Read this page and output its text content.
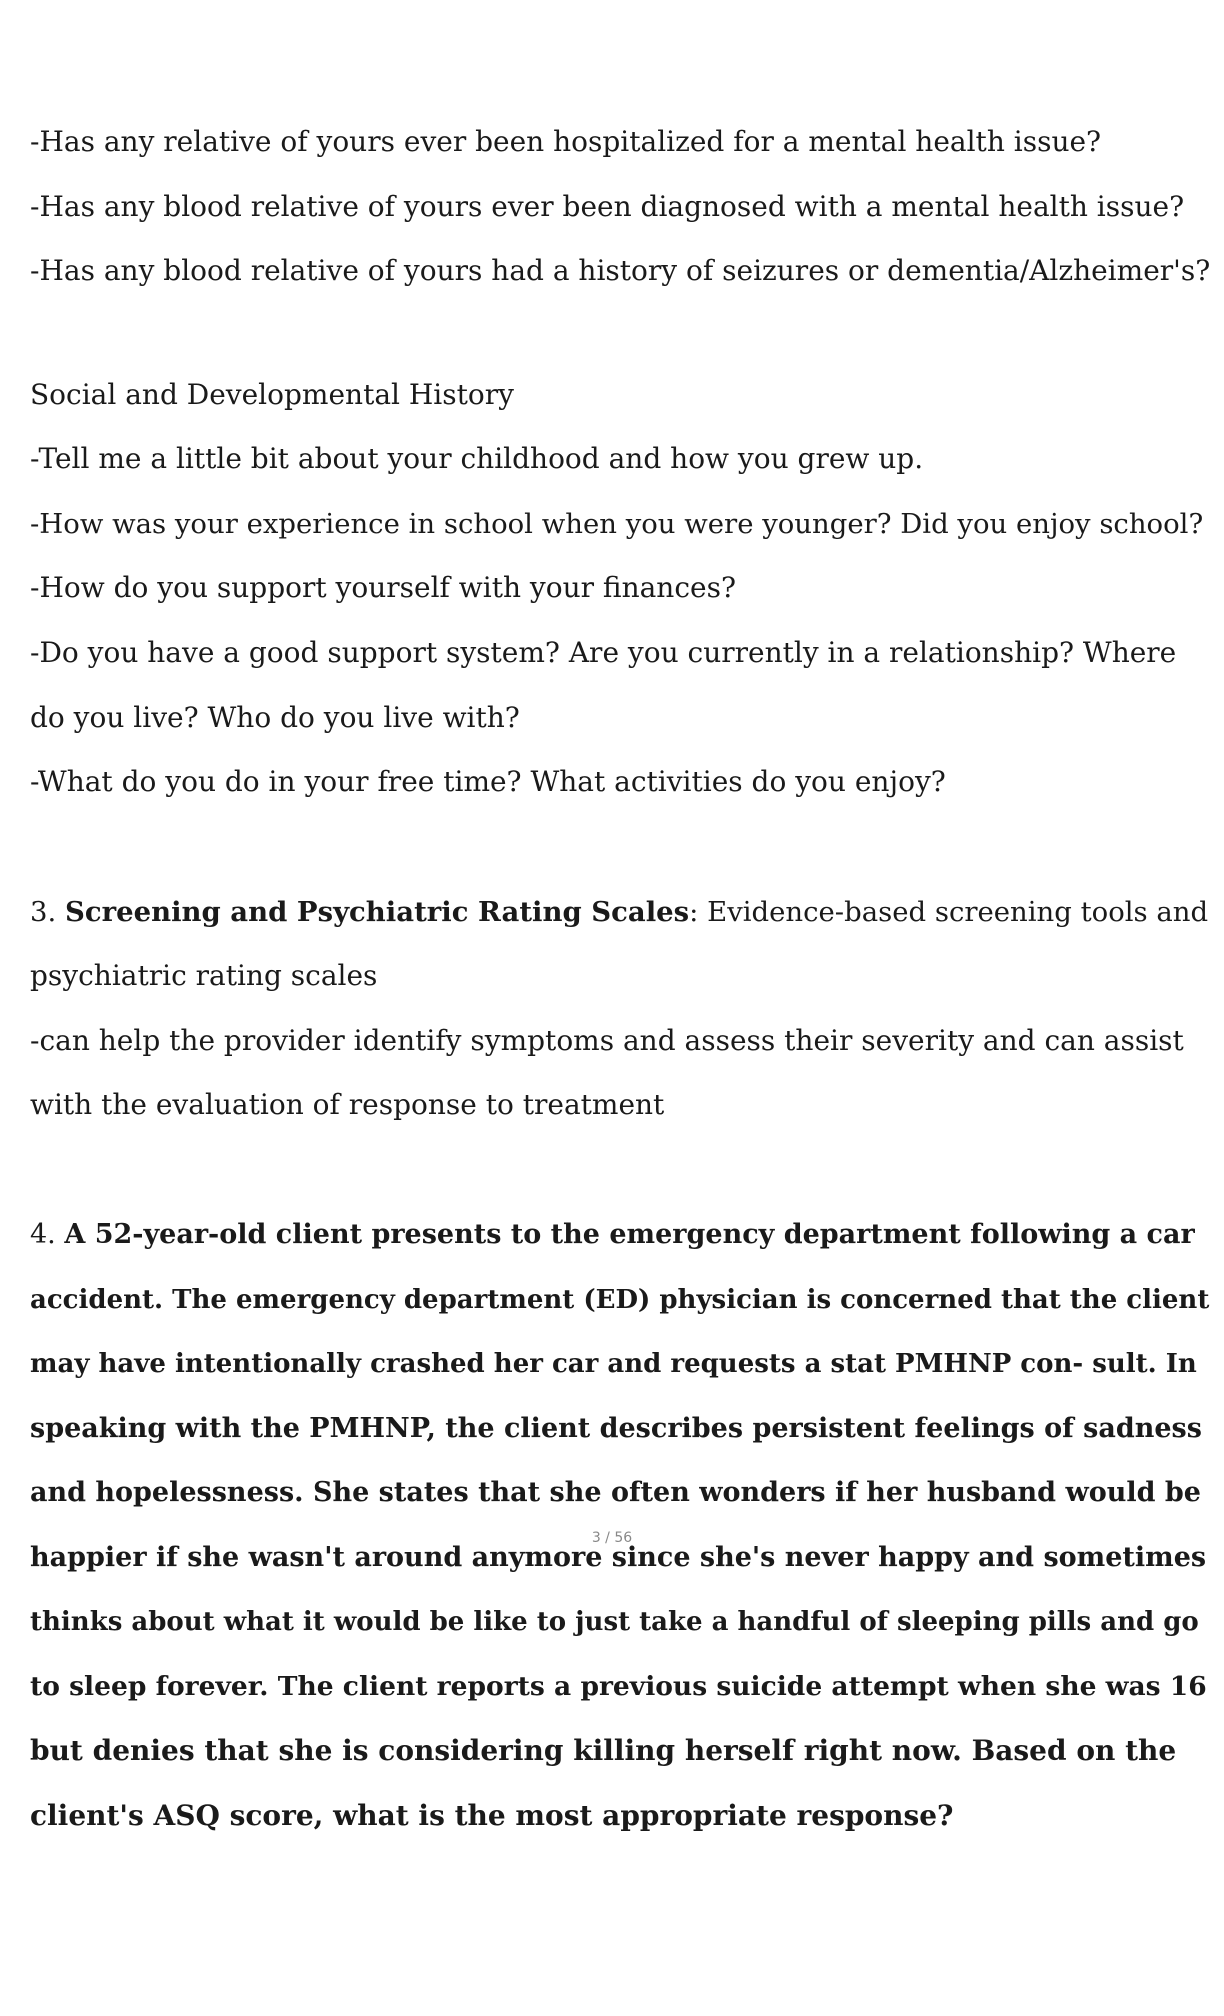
-Has any relative of yours ever been hospitalized for a mental health issue?
-Has any blood relative of yours ever been diagnosed with a mental health issue?
-Has any blood relative of yours had a history of seizures or dementia/Alzheimer's?
Social and Developmental History
-Tell me a little bit about your childhood and how you grew up.
-How was your experience in school when you were younger? Did you enjoy school?
-How do you support yourself with your finances?
-Do you have a good support system? Are you currently in a relationship? Where
do you live? Who do you live with?
-What do you do in your free time? What activities do you enjoy?
3. Screening and Psychiatric Rating Scales: Evidence-based screening tools and
psychiatric rating scales
-can help the provider identify symptoms and assess their severity and can assist
with the evaluation of response to treatment
4. A 52-year-old client presents to the emergency department following a car
accident. The emergency department (ED) physician is concerned that the client
may have intentionally crashed her car and requests a stat PMHNP con- sult. In
speaking with the PMHNP, the client describes persistent feelings of sadness
and hopelessness. She states that she often wonders if her husband would be
3 / 56
happier if she wasn't around anymore since she's never happy and sometimes
thinks about what it would be like to just take a handful of sleeping pills and go
to sleep forever. The client reports a previous suicide attempt when she was 16
but denies that she is considering killing herself right now. Based on the
client's ASQ score, what is the most appropriate response?
